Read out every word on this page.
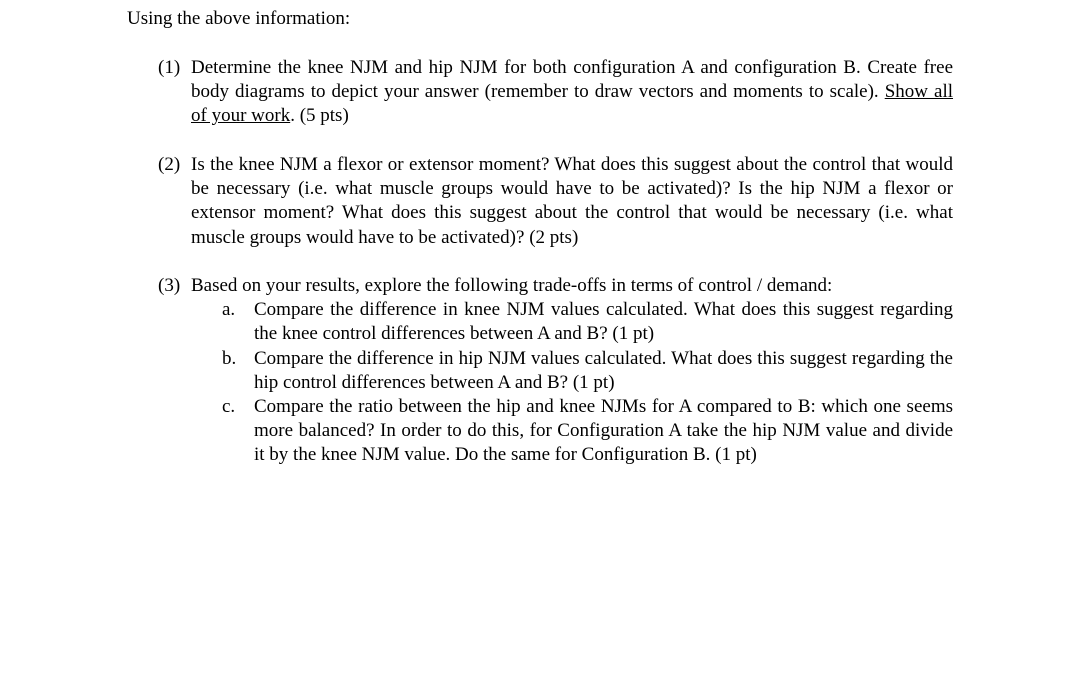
Using the above information:
(1) Determine the knee NJM and hip NJM for both configuration A and configuration B. Create free body diagrams to depict your answer (remember to draw vectors and moments to scale). Show all of your work. (5 pts)
(2) Is the knee NJM a flexor or extensor moment? What does this suggest about the control that would be necessary (i.e. what muscle groups would have to be activated)? Is the hip NJM a flexor or extensor moment? What does this suggest about the control that would be necessary (i.e. what muscle groups would have to be activated)? (2 pts)
(3) Based on your results, explore the following trade-offs in terms of control / demand:
a. Compare the difference in knee NJM values calculated. What does this suggest regarding the knee control differences between A and B? (1 pt)
b. Compare the difference in hip NJM values calculated. What does this suggest regarding the hip control differences between A and B? (1 pt)
c. Compare the ratio between the hip and knee NJMs for A compared to B: which one seems more balanced? In order to do this, for Configuration A take the hip NJM value and divide it by the knee NJM value. Do the same for Configuration B. (1 pt)
